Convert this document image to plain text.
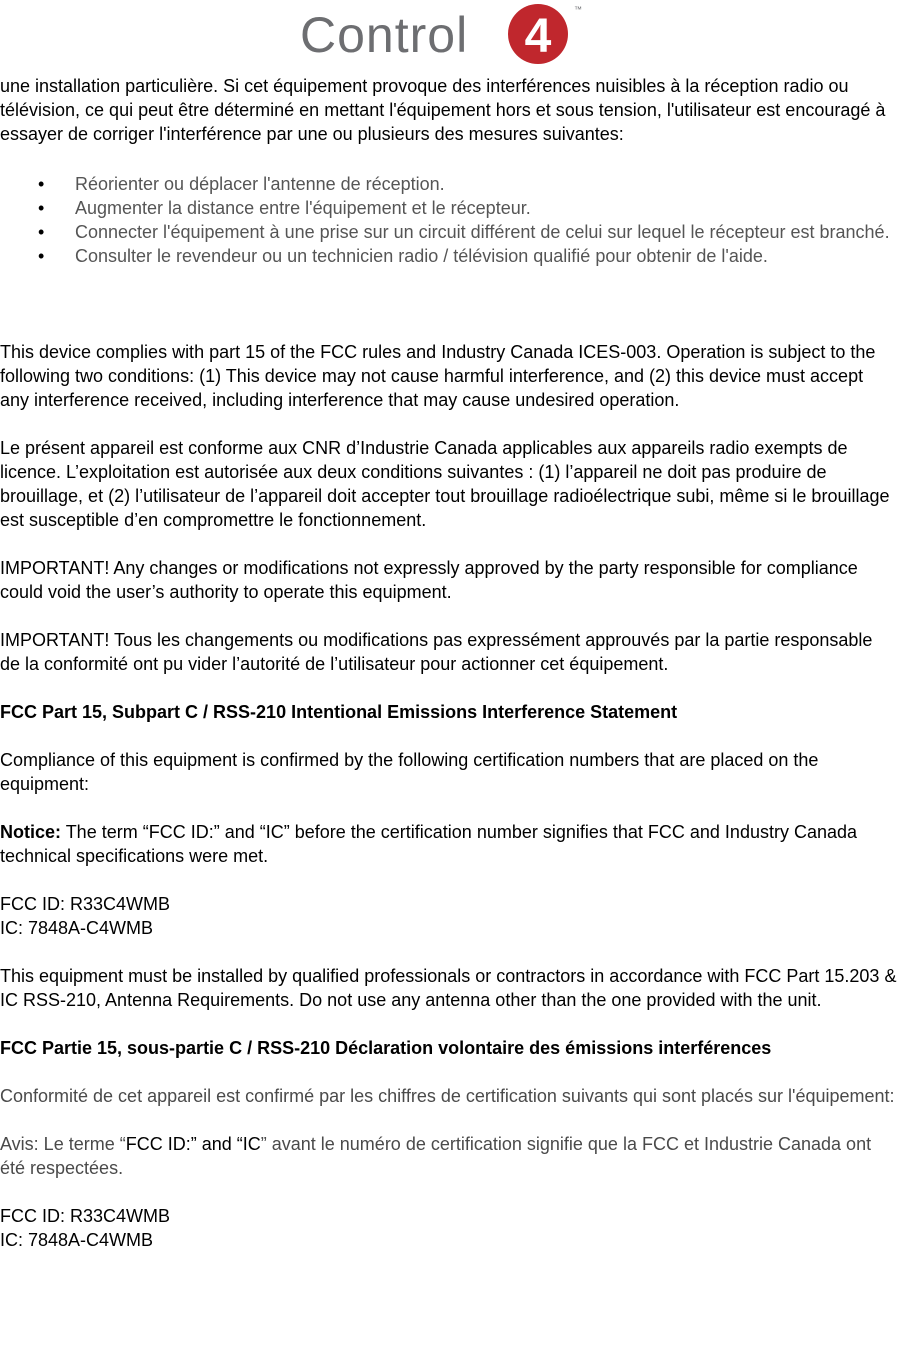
Control 4
™

une installation particulière. Si cet équipement provoque des interférences nuisibles à la réception radio ou télévision, ce qui peut être déterminé en mettant l'équipement hors et sous tension, l'utilisateur est encouragé à essayer de corriger l'interférence par une ou plusieurs des mesures suivantes:

• Réorienter ou déplacer l'antenne de réception.
• Augmenter la distance entre l'équipement et le récepteur.
• Connecter l'équipement à une prise sur un circuit différent de celui sur lequel le récepteur est branché.
• Consulter le revendeur ou un technicien radio / télévision qualifié pour obtenir de l'aide.

This device complies with part 15 of the FCC rules and Industry Canada ICES-003. Operation is subject to the following two conditions: (1) This device may not cause harmful interference, and (2) this device must accept any interference received, including interference that may cause undesired operation.

Le présent appareil est conforme aux CNR d’Industrie Canada applicables aux appareils radio exempts de licence. L’exploitation est autorisée aux deux conditions suivantes : (1) l’appareil ne doit pas produire de brouillage, et (2) l’utilisateur de l’appareil doit accepter tout brouillage radioélectrique subi, même si le brouillage est susceptible d’en compromettre le fonctionnement.

IMPORTANT! Any changes or modifications not expressly approved by the party responsible for compliance could void the user’s authority to operate this equipment.

IMPORTANT! Tous les changements ou modifications pas expressément approuvés par la partie responsable de la conformité ont pu vider l’autorité de l’utilisateur pour actionner cet équipement.

FCC Part 15, Subpart C / RSS-210 Intentional Emissions Interference Statement

Compliance of this equipment is confirmed by the following certification numbers that are placed on the equipment:

Notice: The term “FCC ID:” and “IC” before the certification number signifies that FCC and Industry Canada technical specifications were met.

FCC ID: R33C4WMB

IC: 7848A-C4WMB

This equipment must be installed by qualified professionals or contractors in accordance with FCC Part 15.203 & IC RSS-210, Antenna Requirements. Do not use any antenna other than the one provided with the unit.

FCC Partie 15, sous-partie C / RSS-210 Déclaration volontaire des émissions interférences

Conformité de cet appareil est confirmé par les chiffres de certification suivants qui sont placés sur l'équipement:

Avis: Le terme “FCC ID:” and “IC” avant le numéro de certification signifie que la FCC et Industrie Canada ont été respectées.

FCC ID: R33C4WMB

IC: 7848A-C4WMB
